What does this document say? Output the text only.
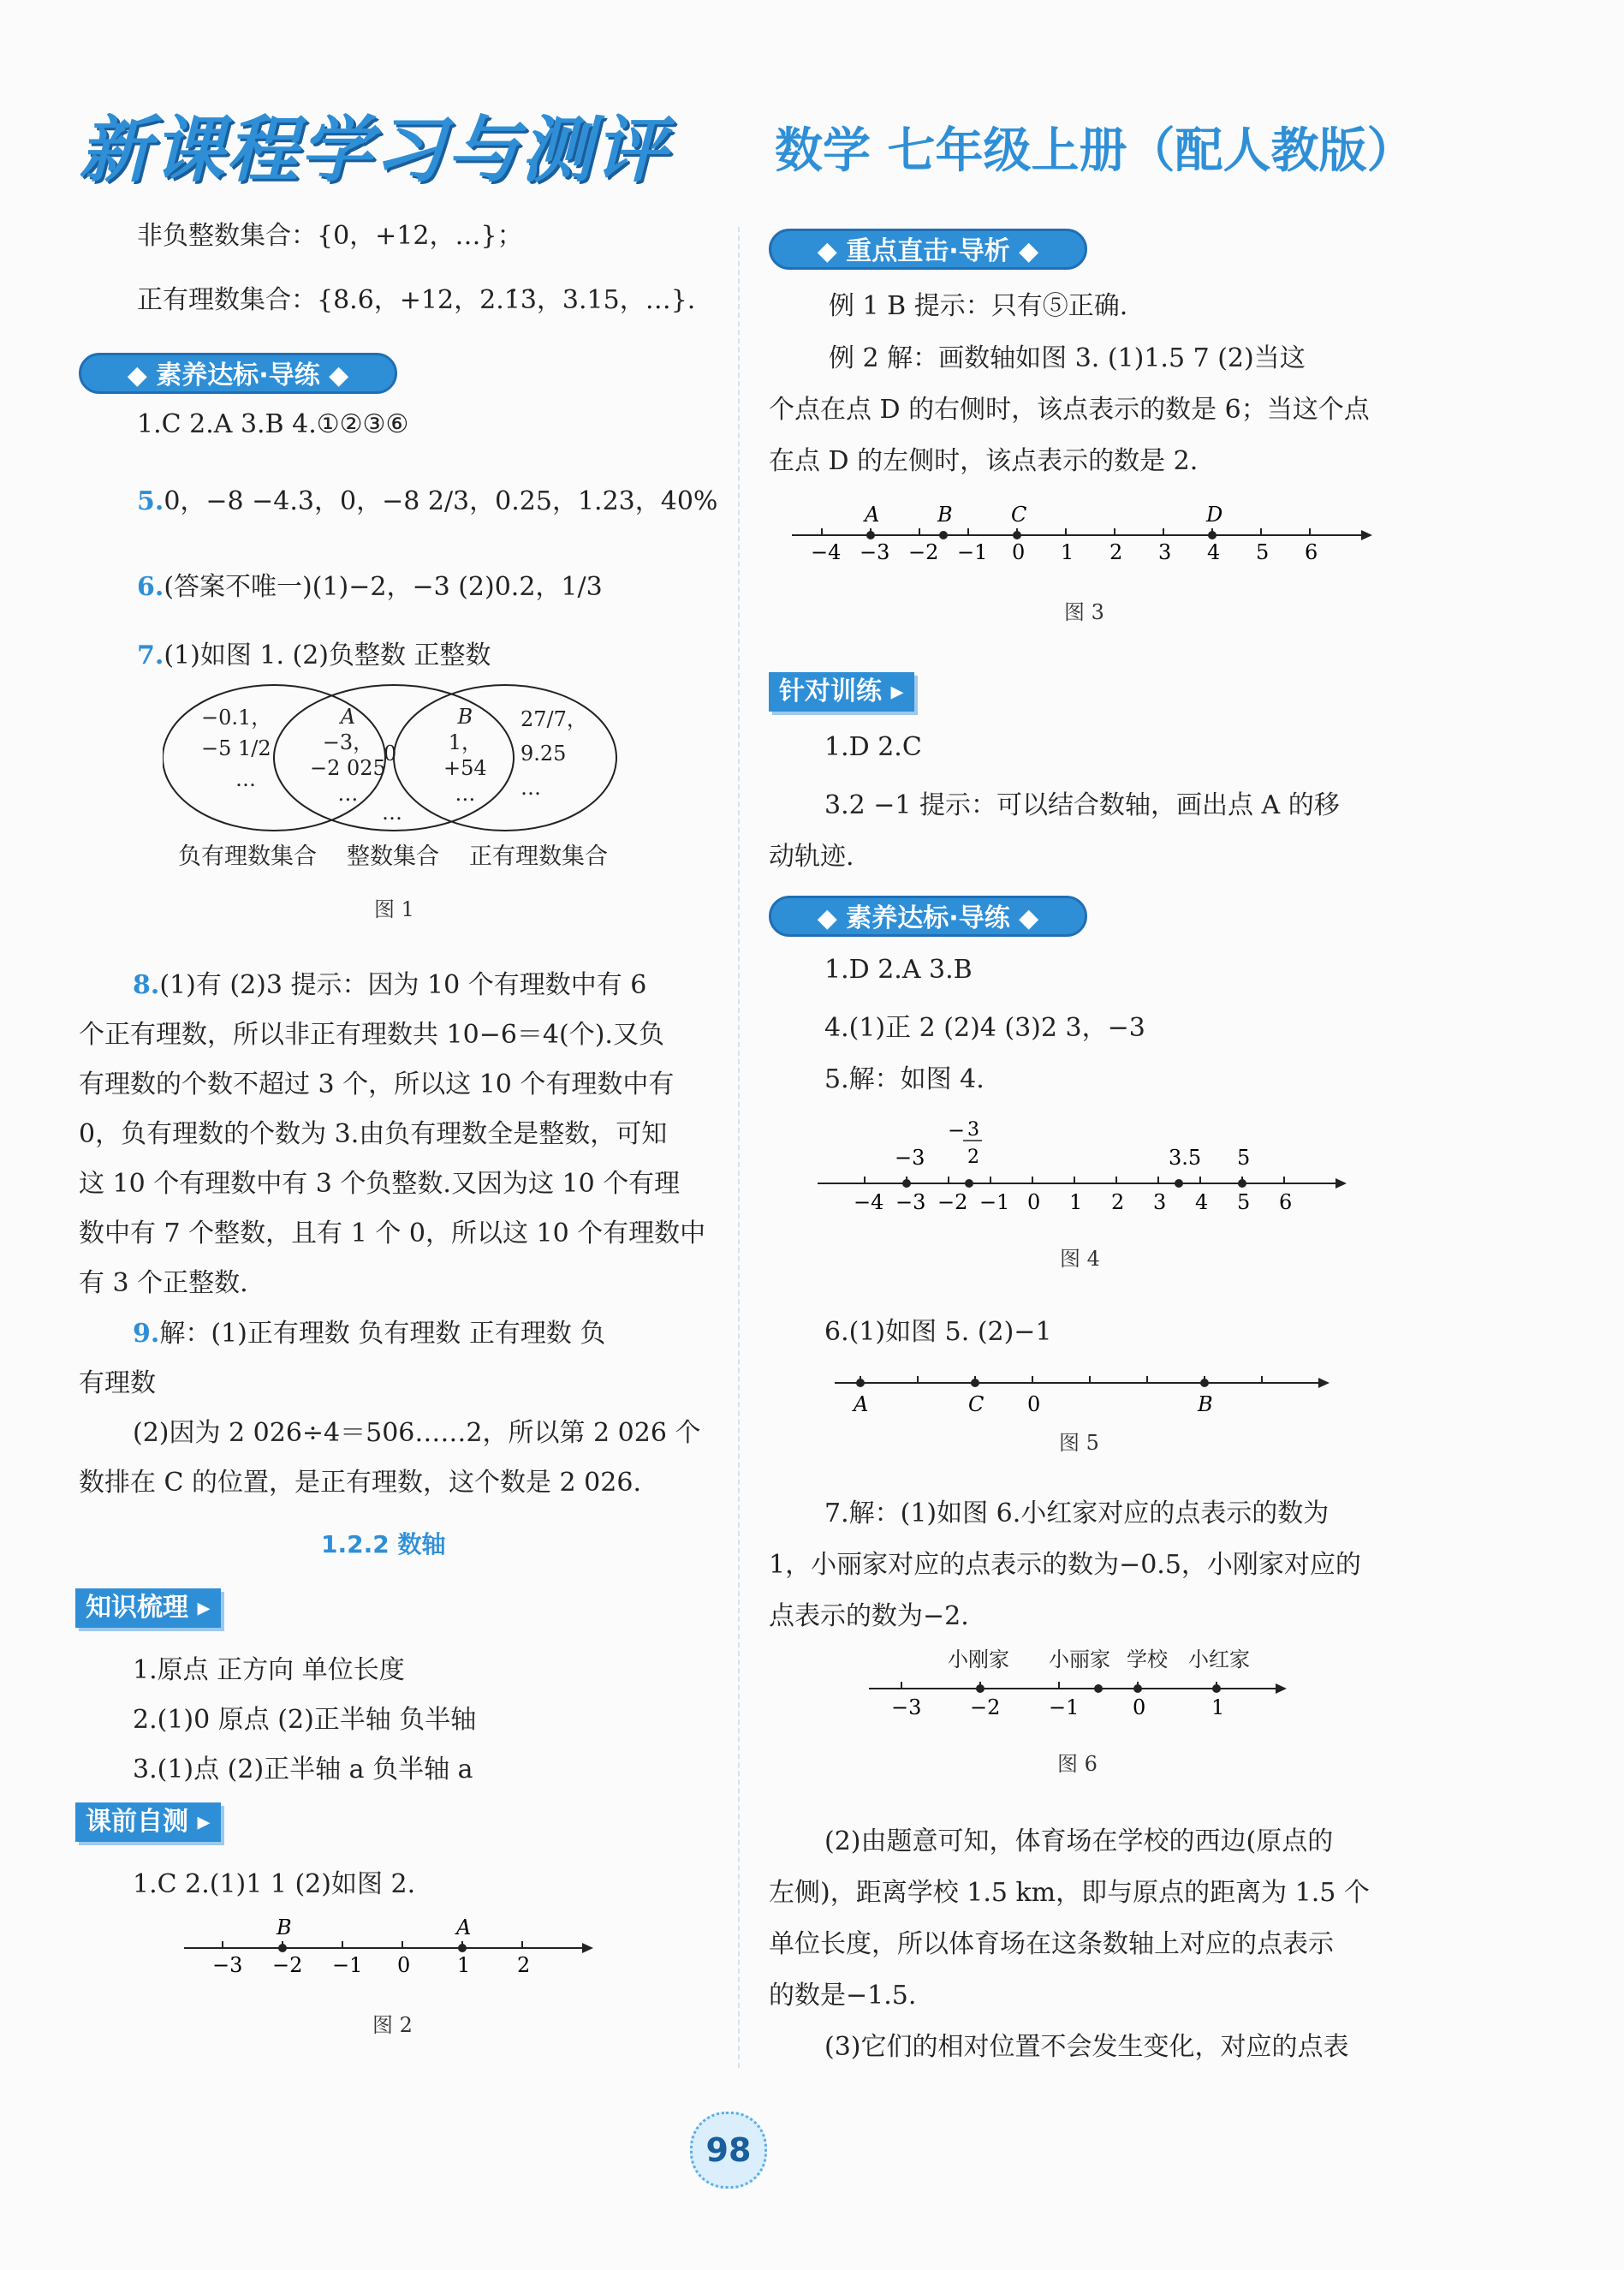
新课程学习与测评 数学 七年级上册（配人教版）
非负整数集合：{0，+12，…}；
正有理数集合：{8.6，+12，2.1̇3̇，3.15，…}.
◆ 素养达标·导练 ◆
1.C 2.A 3.B 4.①②③⑥
5.0，−8 −4.3，0，−8 2/3，0.25，1.23，40%
6.(答案不唯一)(1)−2，−3 (2)0.2，1/3
7.(1)如图 1. (2)负整数 正整数
−0.1，
−5 1/2
…
A
−3，
−2 025
…
0
…
B
1，
+54
…
27/7，
9.25
…
负有理数集合 整数集合 正有理数集合
图 1
8.(1)有 (2)3 提示：因为 10 个有理数中有 6
个正有理数，所以非正有理数共 10−6＝4(个).又负
有理数的个数不超过 3 个，所以这 10 个有理数中有
0，负有理数的个数为 3.由负有理数全是整数，可知
这 10 个有理数中有 3 个负整数.又因为这 10 个有理
数中有 7 个整数，且有 1 个 0，所以这 10 个有理数中
有 3 个正整数.
9.解：(1)正有理数 负有理数 正有理数 负
有理数
(2)因为 2 026÷4＝506……2，所以第 2 026 个
数排在 C 的位置，是正有理数，这个数是 2 026.
1.2.2 数轴
知识梳理 ▸
1.原点 正方向 单位长度
2.(1)0 原点 (2)正半轴 负半轴
3.(1)点 (2)正半轴 a 负半轴 a
课前自测 ▸
1.C 2.(1)1 1 (2)如图 2.
B	A
−3 −2 −1 0 1 2
图 2
◆ 重点直击·导析 ◆
例 1 B 提示：只有⑤正确.
例 2 解：画数轴如图 3. (1)1.5 7 (2)当这
个点在点 D 的右侧时，该点表示的数是 6；当这个点
在点 D 的左侧时，该点表示的数是 2.
A	B	C	D
−4 −3 −2 −1 0 1 2 3 4 5 6
图 3
针对训练 ▸
1.D 2.C
3.2 −1 提示：可以结合数轴，画出点 A 的移
动轨迹.
◆ 素养达标·导练 ◆
1.D 2.A 3.B
4.(1)正 2 (2)4 (3)2 3，−3
5.解：如图 4.
−3
− 3
2	3.5 5
−4 −3 −2 −1 0 1 2 3 4 5 6
图 4
6.(1)如图 5. (2)−1
A	C 0	B
图 5
7.解：(1)如图 6.小红家对应的点表示的数为
1，小丽家对应的点表示的数为−0.5，小刚家对应的
点表示的数为−2.
小刚家 小丽家 学校 小红家
−3 −2 −1	0	1
图 6
(2)由题意可知，体育场在学校的西边(原点的
左侧)，距离学校 1.5 km，即与原点的距离为 1.5 个
单位长度，所以体育场在这条数轴上对应的点表示
的数是−1.5.
(3)它们的相对位置不会发生变化，对应的点表
98
